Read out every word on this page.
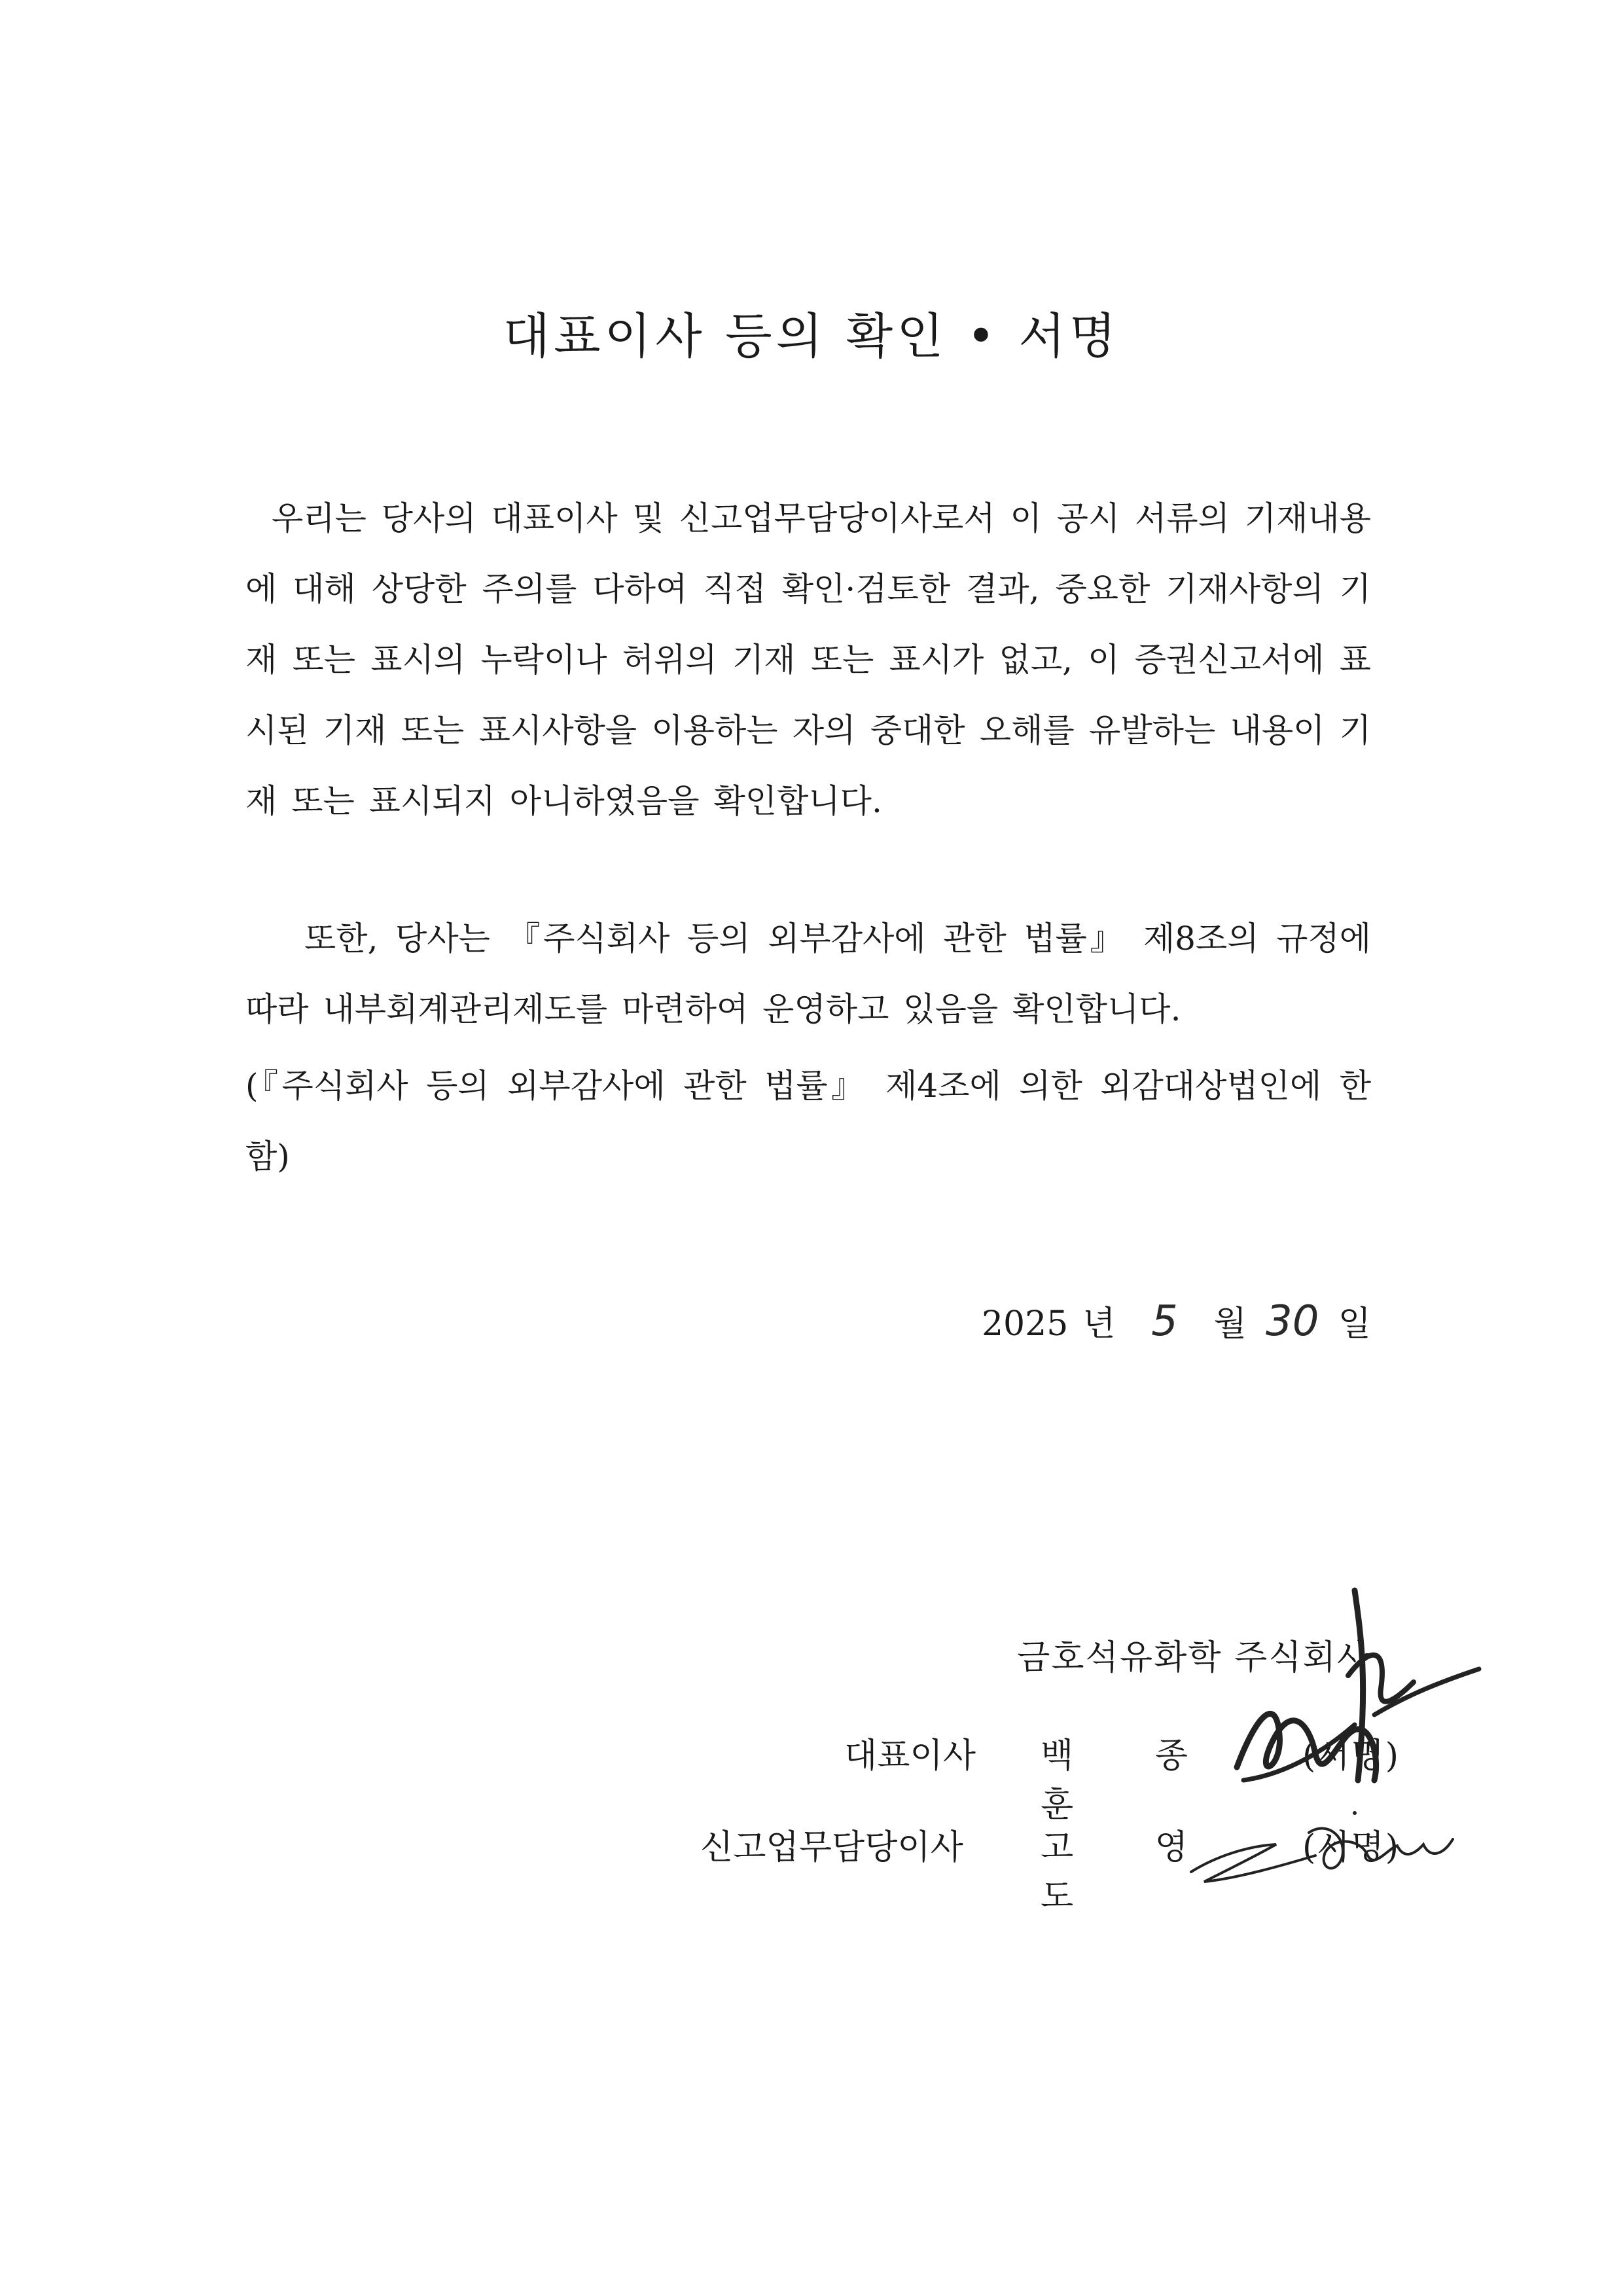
대표이사 등의 확인 • 서명

우리는 당사의 대표이사 및 신고업무담당이사로서 이 공시 서류의 기재내용에 대해 상당한 주의를 다하여 직접 확인·검토한 결과, 중요한 기재사항의 기재 또는 표시의 누락이나 허위의 기재 또는 표시가 없고, 이 증권신고서에 표시된 기재 또는 표시사항을 이용하는 자의 중대한 오해를 유발하는 내용이 기재 또는 표시되지 아니하였음을 확인합니다.

또한, 당사는 『주식회사 등의 외부감사에 관한 법률』 제8조의 규정에 따라 내부회계관리제도를 마련하여 운영하고 있음을 확인합니다.

(『주식회사 등의 외부감사에 관한 법률』 제4조에 의한 외감대상법인에 한함)

2025 년 5	월 30 일
금호석유화학 주식회사
대표이사	백 종 훈
(서명)
신고업무담당이사	고 영 도
(서명)
